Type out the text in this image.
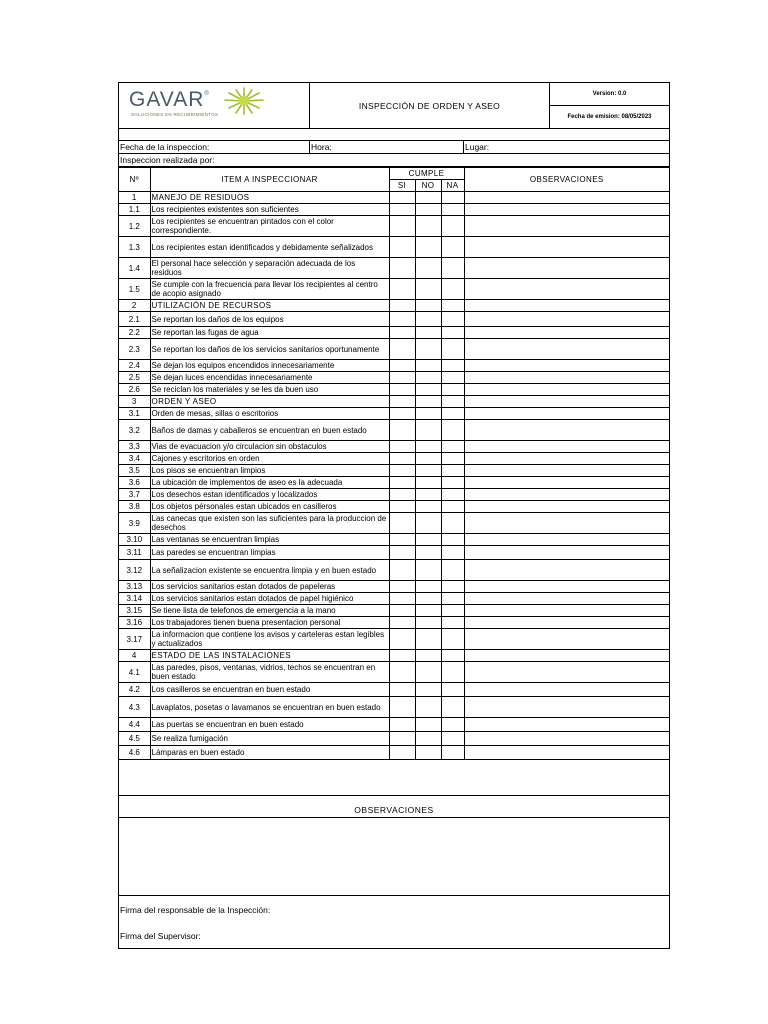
GAVAR®
SOLUCIONES EN RECUBRIMIENTOS
INSPECCIÓN DE ORDEN Y ASEO
Version: 0.0
Fecha de emision: 08/05/2023
Fecha de la inspeccion:	Hora:	Lugar:
Inspeccion realizada por:
Nº	ITEM A INSPECCIONAR	CUMPLE			OBSERVACIONES
		SI	NO	NA	
1	MANEJO DE RESIDUOS				
1.1	Los recipientes existentes son suficientes				
1.2	Los recipientes se encuentran pintados con el color correspondiente.				
1.3	Los recipientes estan identificados y debidamente señalizados				
1.4	El personal hace selección y separación adecuada de los residuos				
1.5	Se cumple con la frecuencia para llevar los recipientes al centro de acopio asignado				
2	UTILIZACIÓN DE RECURSOS				
2.1	Se reportan los daños de los equipos				
2.2	Se reportan las fugas de agua				
2.3	Se reportan los daños de los servicios sanitarios oportunamente				
2.4	Se dejan los equipos encendidos innecesariamente				
2.5	Se dejan luces encendidas innecesariamente				
2.6	Se reciclan los materiales y se les da buen uso				
3	ORDEN Y ASEO				
3.1	Orden de mesas, sillas o escritorios				
3.2	Baños de damas y caballeros se encuentran en buen estado				
3.3	Vias de evacuacion y/o circulacion sin obstaculos				
3.4	Cajones y escritorios en orden				
3.5	Los pisos se encuentran limpios				
3.6	La ubicación de implementos de aseo es la adecuada				
3.7	Los desechos estan identificados y localizados				
3.8	Los objetos pérsonales estan ubicados en casilleros				
3.9	Las canecas que existen son las suficientes para la produccion de desechos				
3.10	Las ventanas se encuentran limpias				
3.11	Las paredes se encuentran limpias				
3.12	La señalizacion existente se encuentra limpia y en buen estado				
3.13	Los servicios sanitarios estan dotados de papeleras				
3.14	Los servicios sanitarios estan dotados de papel higiénico				
3.15	Se tiene lista de telefonos de emergencia a la mano				
3.16	Los trabajadores tienen buena presentacion personal				
3.17	La informacion que contiene los avisos y carteleras estan legibles y actualizados				
4	ESTADO DE LAS INSTALACIONES				
4.1	Las paredes, pisos, ventanas, vidrios, techos se encuentran en buen estado				
4.2	Los casilleros se encuentran en buen estado				
4.3	Lavaplatos, posetas o lavamanos se encuentran en buen estado				
4.4	Las puertas se encuentran en buen estado				
4.5	Se realiza fumigación				
4.6	Lámparas en buen estado				
OBSERVACIONES
Firma del responsable de la Inspección:
Firma del Supervisor:
